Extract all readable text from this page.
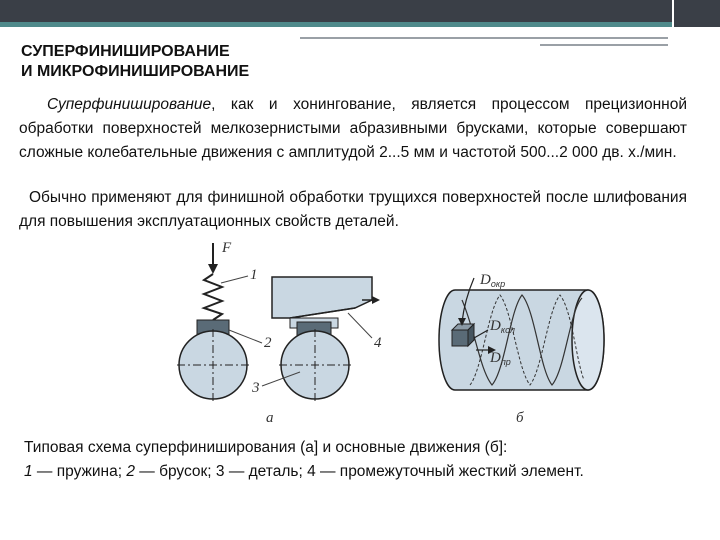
СУПЕРФИНИШИРОВАНИЕ
И МИКРОФИНИШИРОВАНИЕ
Суперфиниширование, как и хонингование, является процессом прецизионной обработки поверхностей мелкозернистыми абразивными брусками, которые совершают сложные колебательные движения с амплитудой 2...5 мм и частотой 500...2 000 дв. х./мин.
Обычно применяют для финишной обработки трущихся поверхностей после шлифования для повышения эксплуатационных свойств деталей.
F
1
2
3
4
а
$D_{окр}$
$D_{кол}$
$D_{пр}$
б
Типовая схема суперфиниширования (а] и основные движения (б]:
1 — пружина; 2 — брусок; 3 — деталь; 4 — промежуточный жесткий элемент.
